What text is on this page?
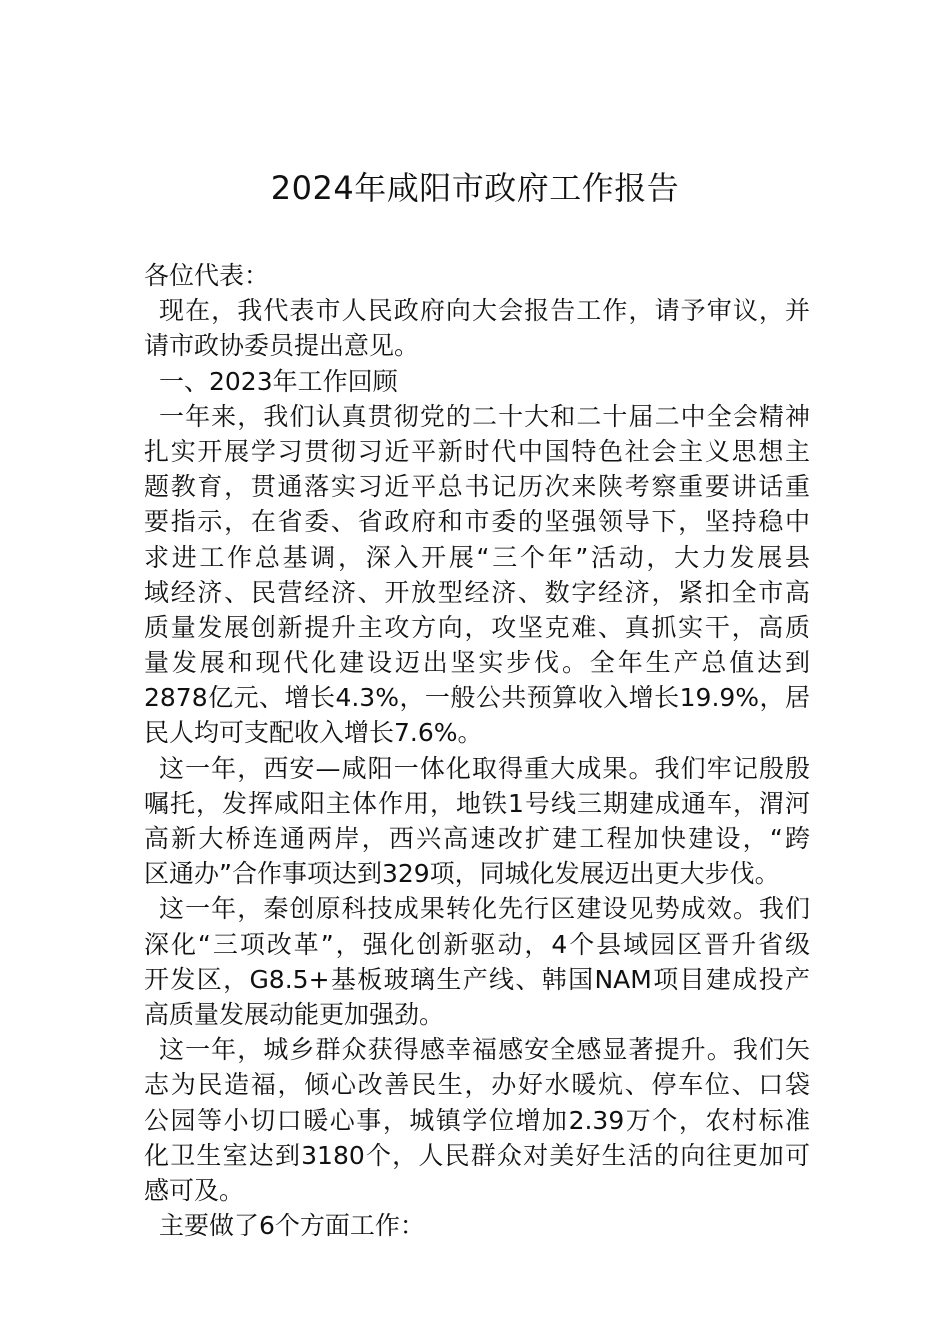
2024年咸阳市政府工作报告
各位代表：
现在，我代表市人民政府向大会报告工作，请予审议，并
请市政协委员提出意见。
一、2023年工作回顾
一年来，我们认真贯彻党的二十大和二十届二中全会精神
扎实开展学习贯彻习近平新时代中国特色社会主义思想主
题教育，贯通落实习近平总书记历次来陕考察重要讲话重
要指示，在省委、省政府和市委的坚强领导下，坚持稳中
求进工作总基调，深入开展“三个年”活动，大力发展县
域经济、民营经济、开放型经济、数字经济，紧扣全市高
质量发展创新提升主攻方向，攻坚克难、真抓实干，高质
量发展和现代化建设迈出坚实步伐。全年生产总值达到
2878亿元、增长4.3%，一般公共预算收入增长19.9%，居
民人均可支配收入增长7.6%。
这一年，西安—咸阳一体化取得重大成果。我们牢记殷殷
嘱托，发挥咸阳主体作用，地铁1号线三期建成通车，渭河
高新大桥连通两岸，西兴高速改扩建工程加快建设，“跨
区通办”合作事项达到329项，同城化发展迈出更大步伐。
这一年，秦创原科技成果转化先行区建设见势成效。我们
深化“三项改革”，强化创新驱动，4个县域园区晋升省级
开发区，G8.5+基板玻璃生产线、韩国NAM项目建成投产
高质量发展动能更加强劲。
这一年，城乡群众获得感幸福感安全感显著提升。我们矢
志为民造福，倾心改善民生，办好水暖炕、停车位、口袋
公园等小切口暖心事，城镇学位增加2.39万个，农村标准
化卫生室达到3180个，人民群众对美好生活的向往更加可
感可及。
主要做了6个方面工作：
